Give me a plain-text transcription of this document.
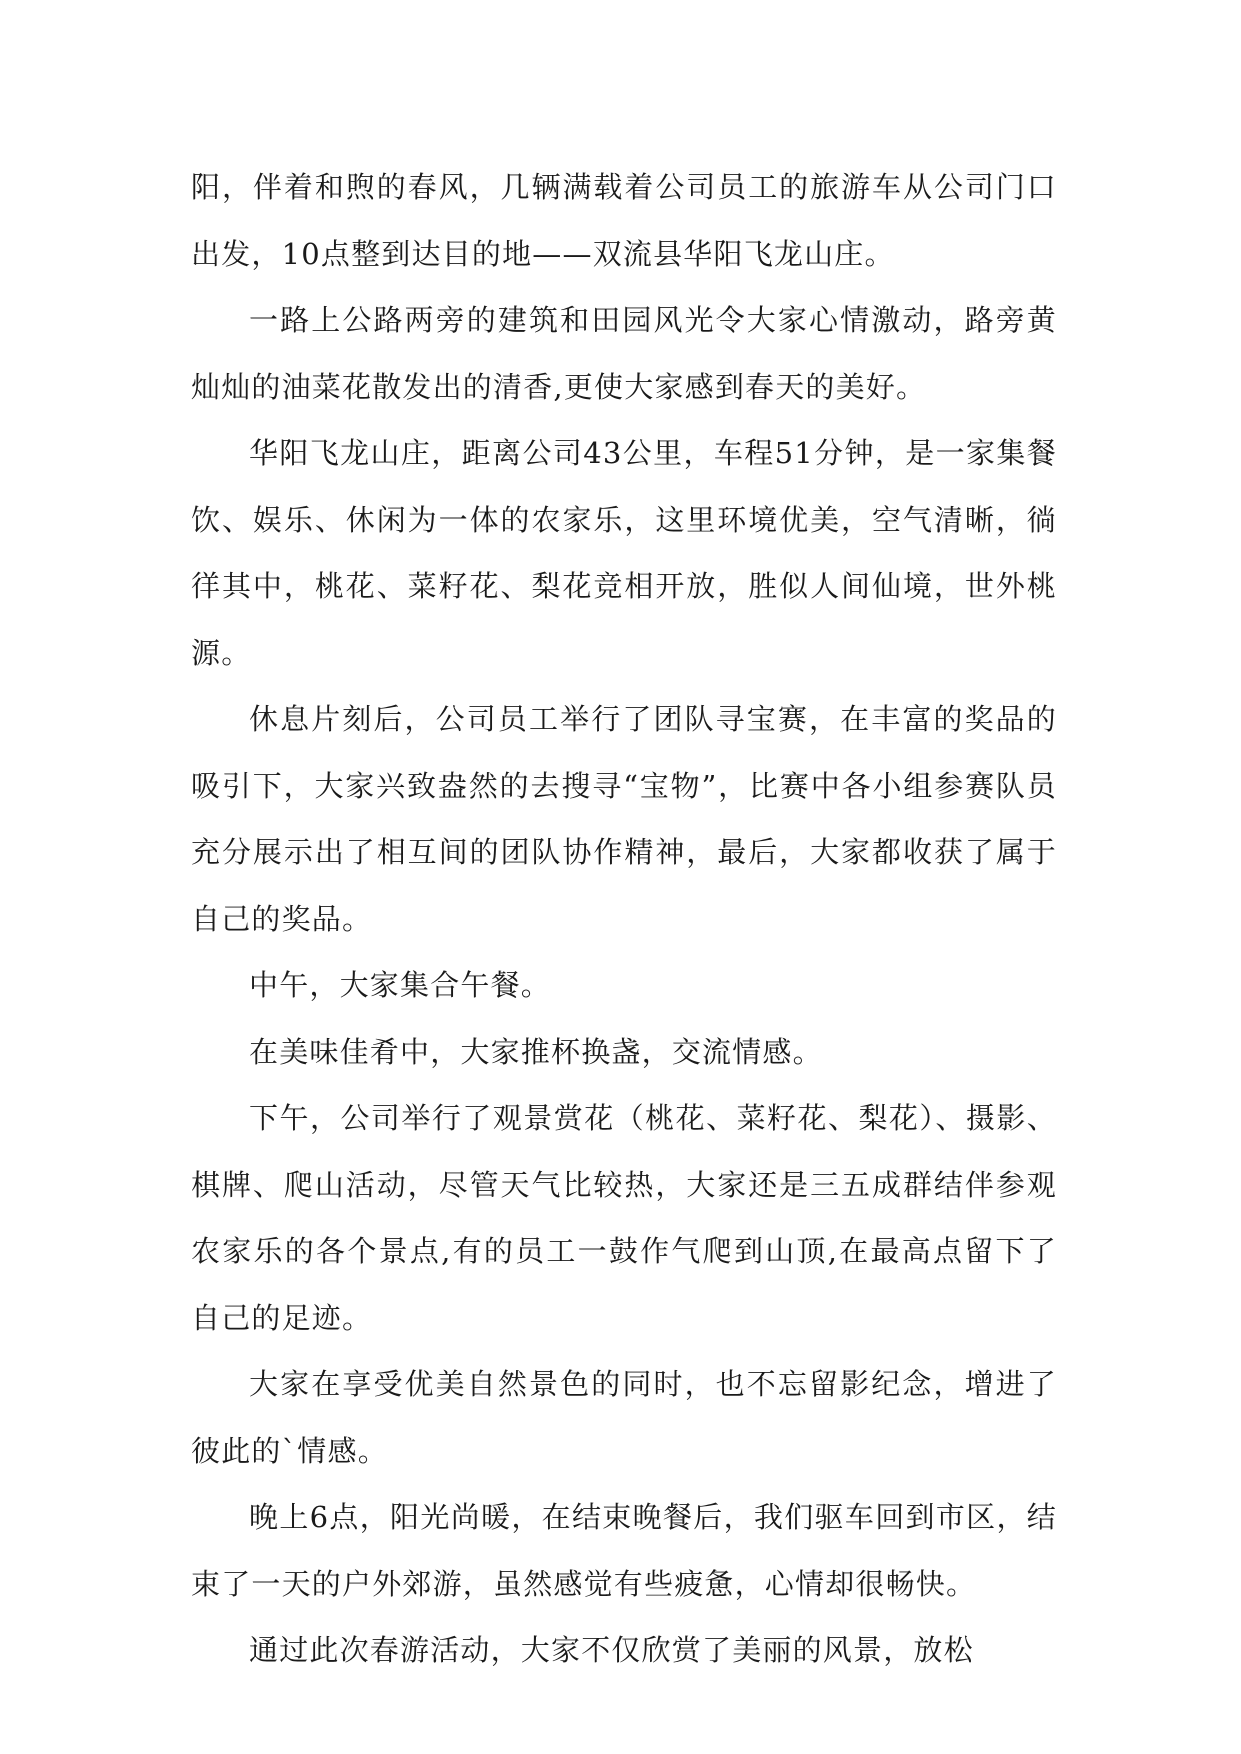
阳，伴着和煦的春风，几辆满载着公司员工的旅游车从公司门口出发，10点整到达目的地——双流县华阳飞龙山庄。

一路上公路两旁的建筑和田园风光令大家心情激动，路旁黄灿灿的油菜花散发出的清香,更使大家感到春天的美好。

华阳飞龙山庄，距离公司43公里，车程51分钟，是一家集餐饮、娱乐、休闲为一体的农家乐，这里环境优美，空气清晰，徜徉其中，桃花、菜籽花、梨花竞相开放，胜似人间仙境，世外桃源。

休息片刻后，公司员工举行了团队寻宝赛，在丰富的奖品的吸引下，大家兴致盎然的去搜寻“宝物”，比赛中各小组参赛队员充分展示出了相互间的团队协作精神，最后，大家都收获了属于自己的奖品。

中午，大家集合午餐。

在美味佳肴中，大家推杯换盏，交流情感。

下午，公司举行了观景赏花（桃花、菜籽花、梨花）、摄影、棋牌、爬山活动，尽管天气比较热，大家还是三五成群结伴参观农家乐的各个景点,有的员工一鼓作气爬到山顶,在最高点留下了自己的足迹。

大家在享受优美自然景色的同时，也不忘留影纪念，增进了彼此的`情感。

晚上6点，阳光尚暖，在结束晚餐后，我们驱车回到市区，结束了一天的户外郊游，虽然感觉有些疲惫，心情却很畅快。

通过此次春游活动，大家不仅欣赏了美丽的风景，放松
